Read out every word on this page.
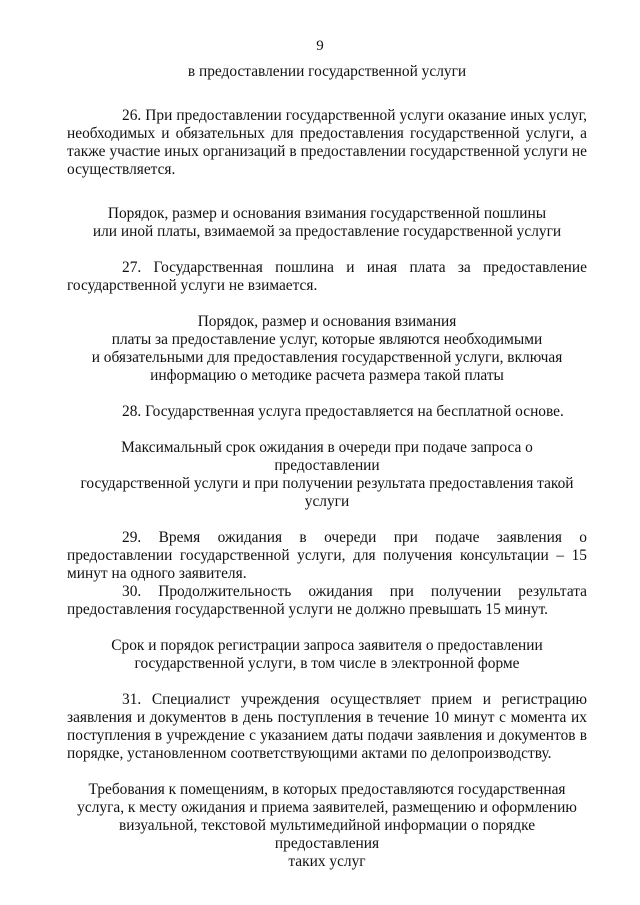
9

в предоставлении государственной услуги

26. При предоставлении государственной услуги оказание иных услуг, необходимых и обязательных для предоставления государственной услуги, а также участие иных организаций в предоставлении государственной услуги не осуществляется.

Порядок, размер и основания взимания государственной пошлины

или иной платы, взимаемой за предоставление государственной услуги

27. Государственная пошлина и иная плата за предоставление государственной услуги не взимается.

Порядок, размер и основания взимания

платы за предоставление услуг, которые являются необходимыми

и обязательными для предоставления государственной услуги, включая

информацию о методике расчета размера такой платы

28. Государственная услуга предоставляется на бесплатной основе.

Максимальный срок ожидания в очереди при подаче запроса о предоставлении

государственной услуги и при получении результата предоставления такой

услуги

29. Время ожидания в очереди при подаче заявления о предоставлении государственной услуги, для получения консультации – 15 минут на одного заявителя.

30. Продолжительность ожидания при получении результата предоставления государственной услуги не должно превышать 15 минут.

Срок и порядок регистрации запроса заявителя о предоставлении

государственной услуги, в том числе в электронной форме

31. Специалист учреждения осуществляет прием и регистрацию заявления и документов в день поступления в течение 10 минут с момента их поступления в учреждение с указанием даты подачи заявления и документов в порядке, установленном соответствующими актами по делопроизводству.

Требования к помещениям, в которых предоставляются государственная

услуга, к месту ожидания и приема заявителей, размещению и оформлению

визуальной, текстовой мультимедийной информации о порядке предоставления

таких услуг
